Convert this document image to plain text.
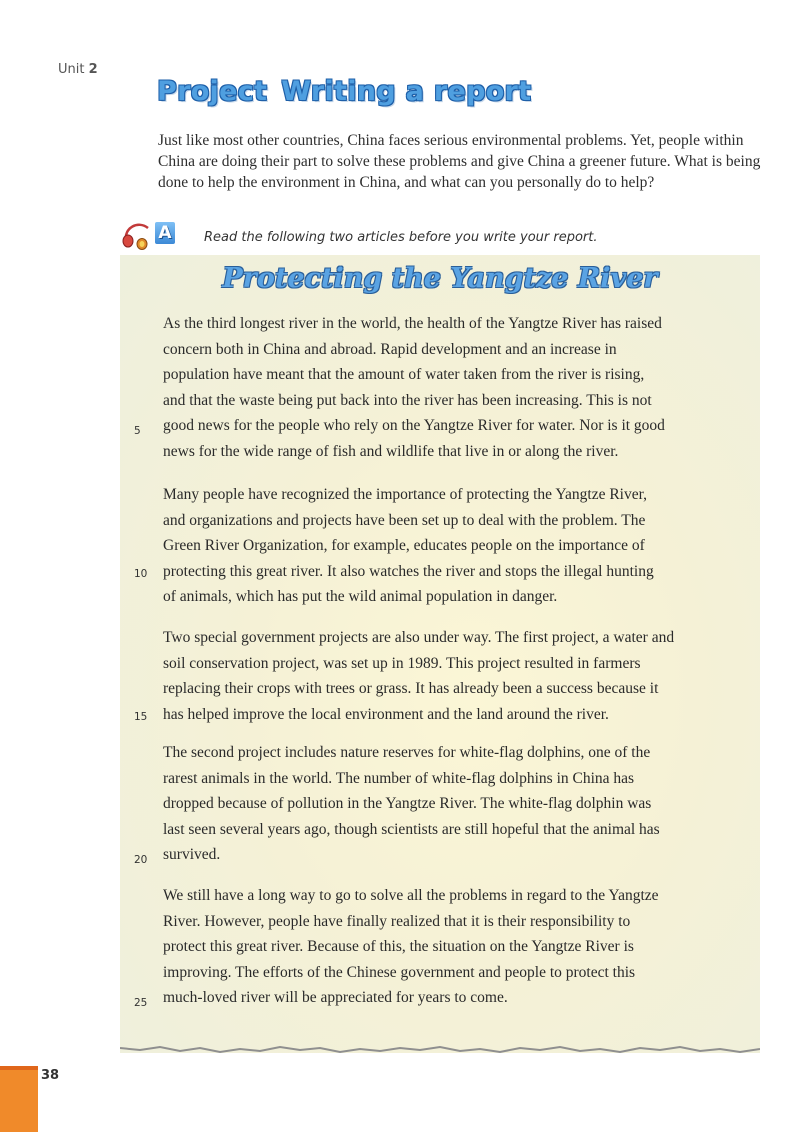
Unit 2
Project Writing a report
Just like most other countries, China faces serious environmental problems. Yet, people within China are doing their part to solve these problems and give China a greener future. What is being done to help the environment in China, and what can you personally do to help?
A Read the following two articles before you write your report.
Protecting the Yangtze River
As the third longest river in the world, the health of the Yangtze River has raised
concern both in China and abroad. Rapid development and an increase in
population have meant that the amount of water taken from the river is rising,
and that the waste being put back into the river has been increasing. This is not
good news for the people who rely on the Yangtze River for water. Nor is it good
news for the wide range of fish and wildlife that live in or along the river.
Many people have recognized the importance of protecting the Yangtze River,
and organizations and projects have been set up to deal with the problem. The
Green River Organization, for example, educates people on the importance of
protecting this great river. It also watches the river and stops the illegal hunting
of animals, which has put the wild animal population in danger.
Two special government projects are also under way. The first project, a water and
soil conservation project, was set up in 1989. This project resulted in farmers
replacing their crops with trees or grass. It has already been a success because it
has helped improve the local environment and the land around the river.
The second project includes nature reserves for white-flag dolphins, one of the
rarest animals in the world. The number of white-flag dolphins in China has
dropped because of pollution in the Yangtze River. The white-flag dolphin was
last seen several years ago, though scientists are still hopeful that the animal has
survived.
We still have a long way to go to solve all the problems in regard to the Yangtze
River. However, people have finally realized that it is their responsibility to
protect this great river. Because of this, the situation on the Yangtze River is
improving. The efforts of the Chinese government and people to protect this
much-loved river will be appreciated for years to come.
5
10
15
20
25
38
